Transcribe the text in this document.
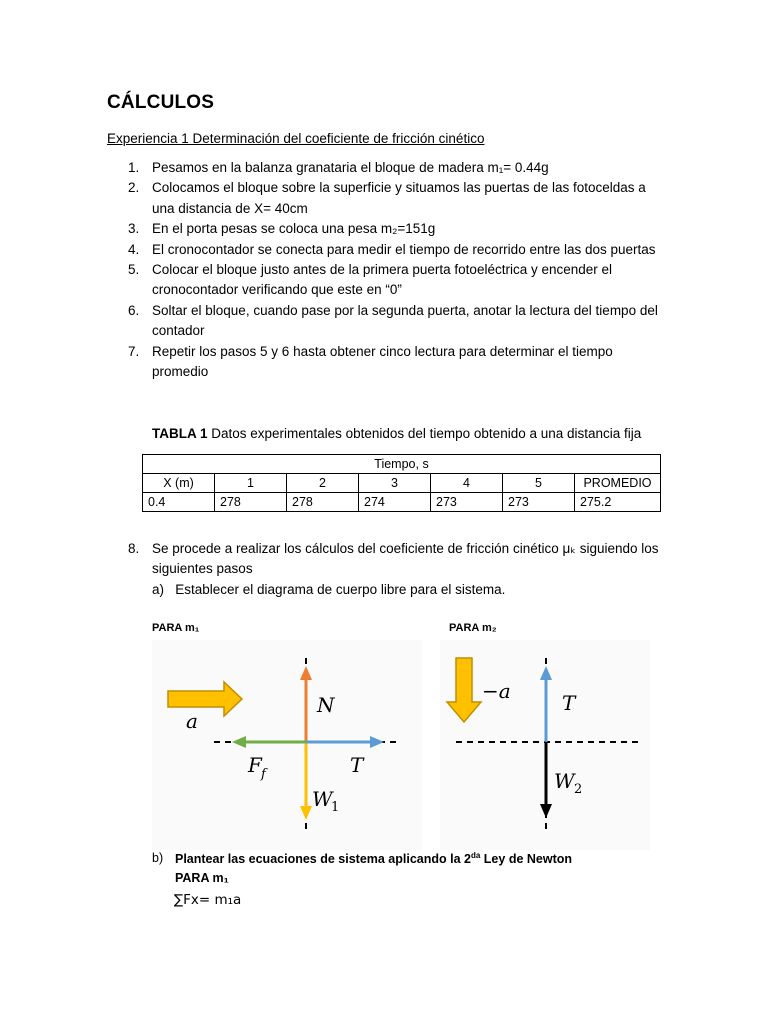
CÁLCULOS
Experiencia 1 Determinación del coeficiente de fricción cinético
1. Pesamos en la balanza granataria el bloque de madera m₁= 0.44g
2. Colocamos el bloque sobre la superficie y situamos las puertas de las fotoceldas a una distancia de X= 40cm
3. En el porta pesas se coloca una pesa m₂=151g
4. El cronocontador se conecta para medir el tiempo de recorrido entre las dos puertas
5. Colocar el bloque justo antes de la primera puerta fotoeléctrica y encender el cronocontador verificando que este en “0”
6. Soltar el bloque, cuando pase por la segunda puerta, anotar la lectura del tiempo del contador
7. Repetir los pasos 5 y 6 hasta obtener cinco lectura para determinar el tiempo promedio
TABLA 1 Datos experimentales obtenidos del tiempo obtenido a una distancia fija
Tiempo, s						
X (m)	1	2	3	4	5	PROMEDIO
0.4	278	278	274	273	273	275.2
8. Se procede a realizar los cálculos del coeficiente de fricción cinético μₖ siguiendo los siguientes pasos
a)   Establecer el diagrama de cuerpo libre para el sistema.
PARA m₁
a
N
F f	T
W
1
PARA m₂
−a	T
W 2
b) Plantear las ecuaciones de sistema aplicando la $2^{da}$ Ley de Newton
PARA m₁
∑Fx= m₁a
